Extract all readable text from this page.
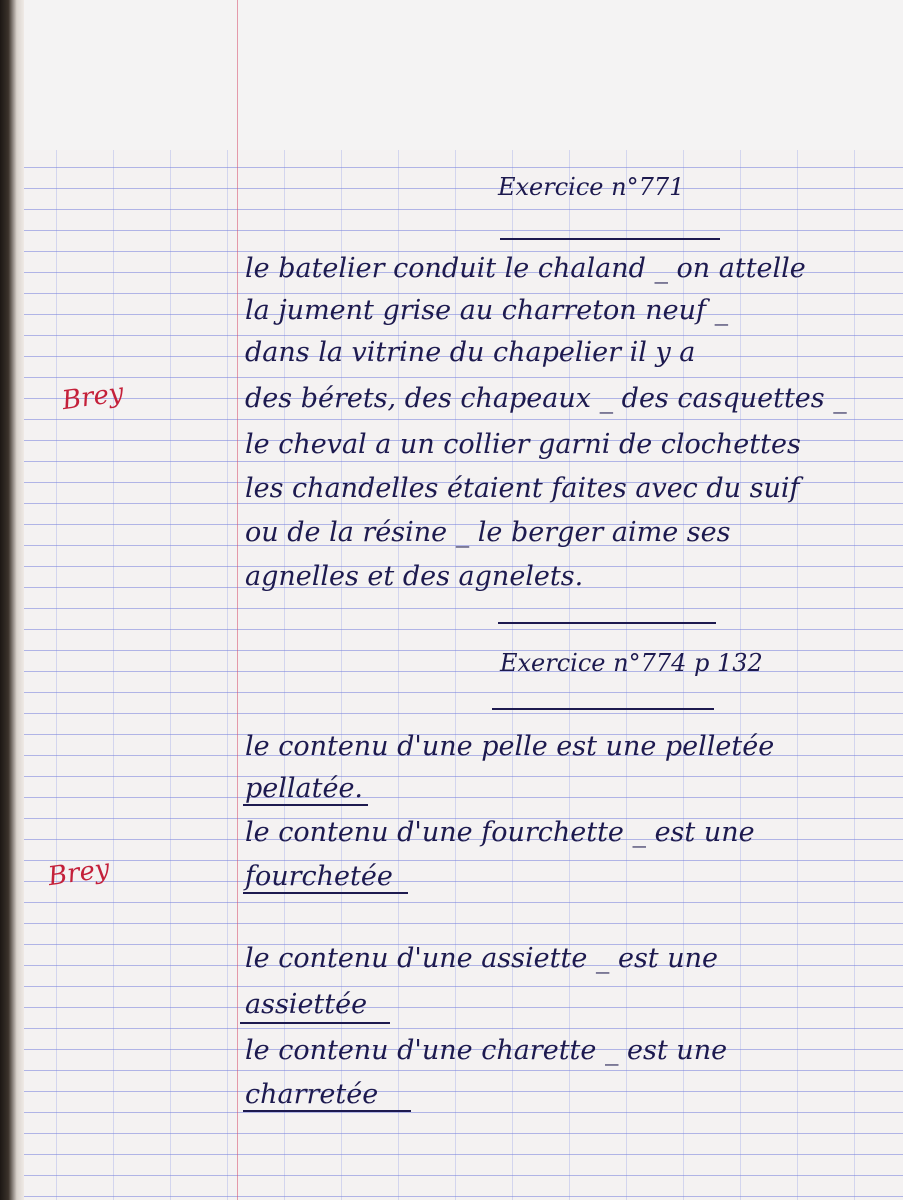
Exercice n°771
le batelier conduit le chaland _ on attelle
la jument grise au charreton neuf _
dans la vitrine du chapelier il y a
des bérets, des chapeaux _ des casquettes _
le cheval a un collier garni de clochettes
les chandelles étaient faites avec du suif
ou de la résine _ le berger aime ses
agnelles et des agnelets.
Exercice n°774 p 132
le contenu d'une pelle est une pelletée
pellatée.
le contenu d'une fourchette _ est une
fourchetée
le contenu d'une assiette _ est une
assiettée
le contenu d'une charette _ est une
charretée
Brey
Brey
